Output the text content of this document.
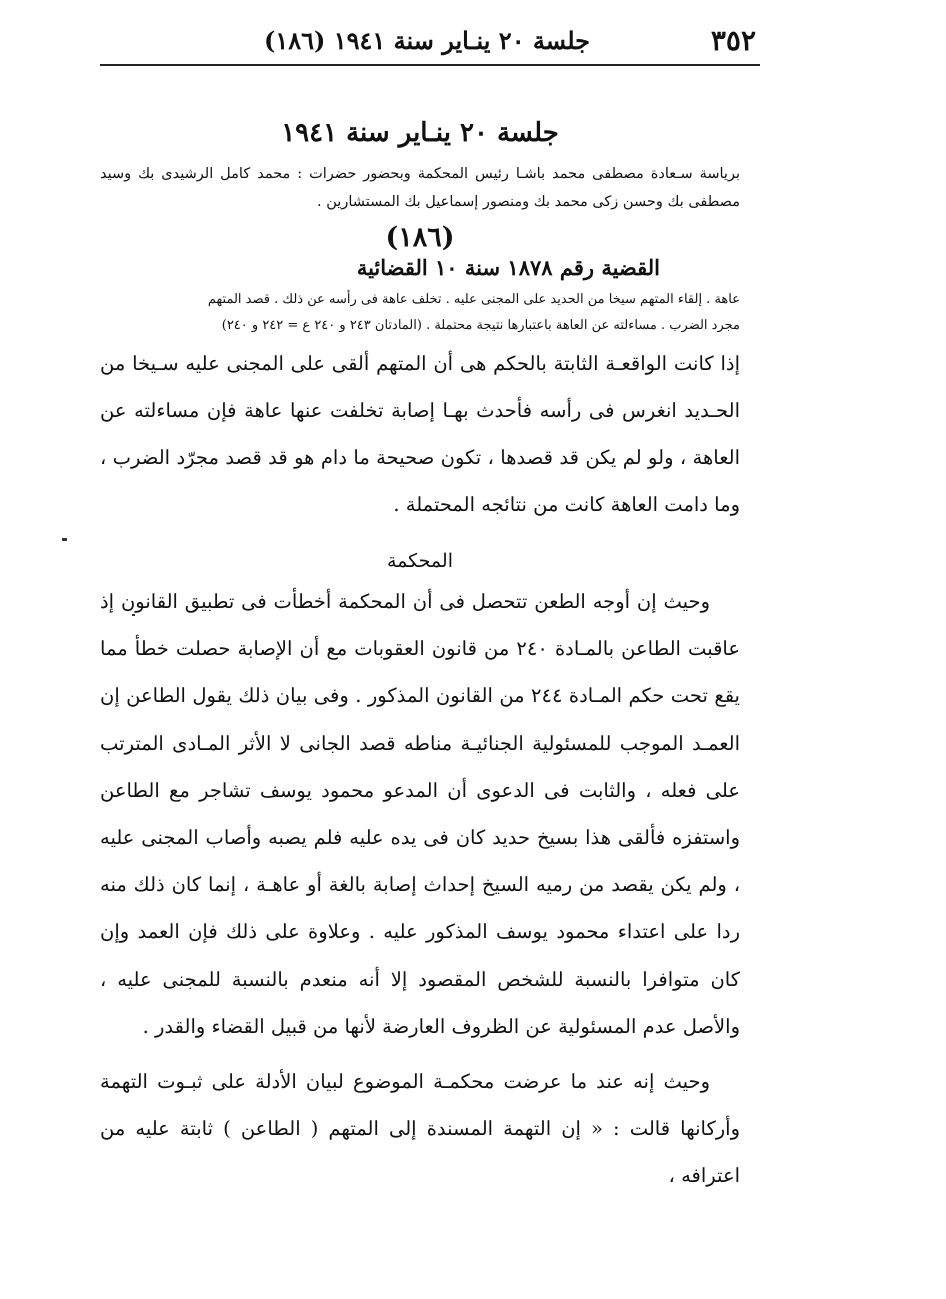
٣٥٢
جلسة ٢٠ ينـاير سنة ١٩٤١ (١٨٦)
جلسة ٢٠ ينـاير سنة ١٩٤١

برياسة سـعادة مصطفى محمد باشـا رئيس المحكمة وبحضور حضرات : محمد كامل الرشيدى بك وسيد مصطفى بك وحسن زكى محمد بك ومنصور إسماعيل بك المستشارين .

(١٨٦)
القضية رقم ١٨٧٨ سنة ١٠ القضائية

عاهة . إلقاء المتهم سيخا من الحديد على المجنى عليه . تخلف عاهة فى رأسه عن ذلك . قصد المتهم

مجرد الضرب . مساءلته عن العاهة باعتبارها نتيجة محتملة . (المادتان ٢٤٣ و ٢٤٠ ع = ٢٤٢ و ٢٤٠)

إذا كانت الواقعـة الثابتة بالحكم هى أن المتهم ألقى على المجنى عليه سـيخا من الحـديد انغرس فى رأسه فأحدث بهـا إصابة تخلفت عنها عاهة فإن مساءلته عن العاهة ، ولو لم يكن قد قصدها ، تكون صحيحة ما دام هو قد قصد مجرّد الضرب ، وما دامت العاهة كانت من نتائجه المحتملة .

المحكمة

وحيث إن أوجه الطعن تتحصل فى أن المحكمة أخطأت فى تطبيق القانون إذ عاقبت الطاعن بالمـادة ٢٤٠ من قانون العقوبات مع أن الإصابة حصلت خطأ مما يقع تحت حكم المـادة ٢٤٤ من القانون المذكور . وفى بيان ذلك يقول الطاعن إن العمـد الموجب للمسئولية الجنائيـة مناطه قصد الجانى لا الأثر المـادى المترتب على فعله ، والثابت فى الدعوى أن المدعو محمود يوسف تشاجر مع الطاعن واستفزه فألقى هذا بسيخ حديد كان فى يده عليه فلم يصبه وأصاب المجنى عليه ، ولم يكن يقصد من رميه السيخ إحداث إصابة بالغة أو عاهـة ، إنما كان ذلك منه ردا على اعتداء محمود يوسف المذكور عليه . وعلاوة على ذلك فإن العمد وإن كان متوافرا بالنسبة للشخص المقصود إلا أنه منعدم بالنسبة للمجنى عليه ، والأصل عدم المسئولية عن الظروف العارضة لأنها من قبيل القضاء والقدر .

وحيث إنه عند ما عرضت محكمـة الموضوع لبيان الأدلة على ثبـوت التهمة وأركانها قالت : « إن التهمة المسندة إلى المتهم ( الطاعن ) ثابتة عليه من اعترافه ،
